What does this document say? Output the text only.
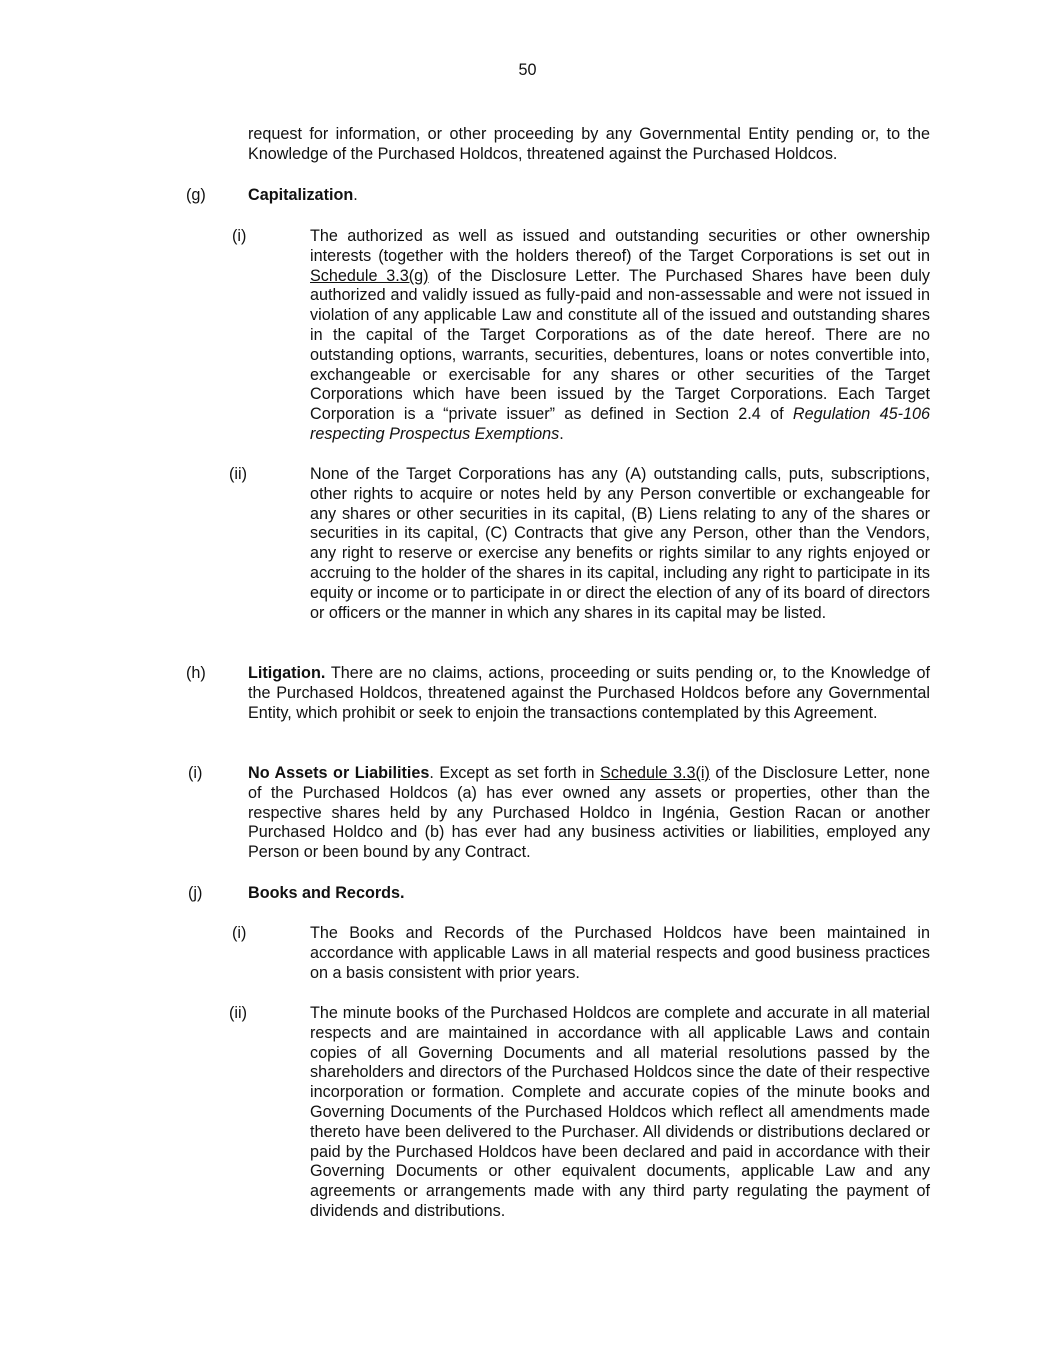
50
request for information, or other proceeding by any Governmental Entity pending or, to the Knowledge of the Purchased Holdcos, threatened against the Purchased Holdcos.
(g)	Capitalization.
(i)	The authorized as well as issued and outstanding securities or other ownership interests (together with the holders thereof) of the Target Corporations is set out in Schedule 3.3(g) of the Disclosure Letter. The Purchased Shares have been duly authorized and validly issued as fully-paid and non-assessable and were not issued in violation of any applicable Law and constitute all of the issued and outstanding shares in the capital of the Target Corporations as of the date hereof. There are no outstanding options, warrants, securities, debentures, loans or notes convertible into, exchangeable or exercisable for any shares or other securities of the Target Corporations which have been issued by the Target Corporations. Each Target Corporation is a “private issuer” as defined in Section 2.4 of Regulation 45-106 respecting Prospectus Exemptions.
(ii)	None of the Target Corporations has any (A) outstanding calls, puts, subscriptions, other rights to acquire or notes held by any Person convertible or exchangeable for any shares or other securities in its capital, (B) Liens relating to any of the shares or securities in its capital, (C) Contracts that give any Person, other than the Vendors, any right to reserve or exercise any benefits or rights similar to any rights enjoyed or accruing to the holder of the shares in its capital, including any right to participate in its equity or income or to participate in or direct the election of any of its board of directors or officers or the manner in which any shares in its capital may be listed.
(h)	Litigation. There are no claims, actions, proceeding or suits pending or, to the Knowledge of the Purchased Holdcos, threatened against the Purchased Holdcos before any Governmental Entity, which prohibit or seek to enjoin the transactions contemplated by this Agreement.
(i)	No Assets or Liabilities. Except as set forth in Schedule 3.3(i) of the Disclosure Letter, none of the Purchased Holdcos (a) has ever owned any assets or properties, other than the respective shares held by any Purchased Holdco in Ingénia, Gestion Racan or another Purchased Holdco and (b) has ever had any business activities or liabilities, employed any Person or been bound by any Contract.
(j)	Books and Records.
(i)	The Books and Records of the Purchased Holdcos have been maintained in accordance with applicable Laws in all material respects and good business practices on a basis consistent with prior years.
(ii)	The minute books of the Purchased Holdcos are complete and accurate in all material respects and are maintained in accordance with all applicable Laws and contain copies of all Governing Documents and all material resolutions passed by the shareholders and directors of the Purchased Holdcos since the date of their respective incorporation or formation. Complete and accurate copies of the minute books and Governing Documents of the Purchased Holdcos which reflect all amendments made thereto have been delivered to the Purchaser. All dividends or distributions declared or paid by the Purchased Holdcos have been declared and paid in accordance with their Governing Documents or other equivalent documents, applicable Law and any agreements or arrangements made with any third party regulating the payment of dividends and distributions.
